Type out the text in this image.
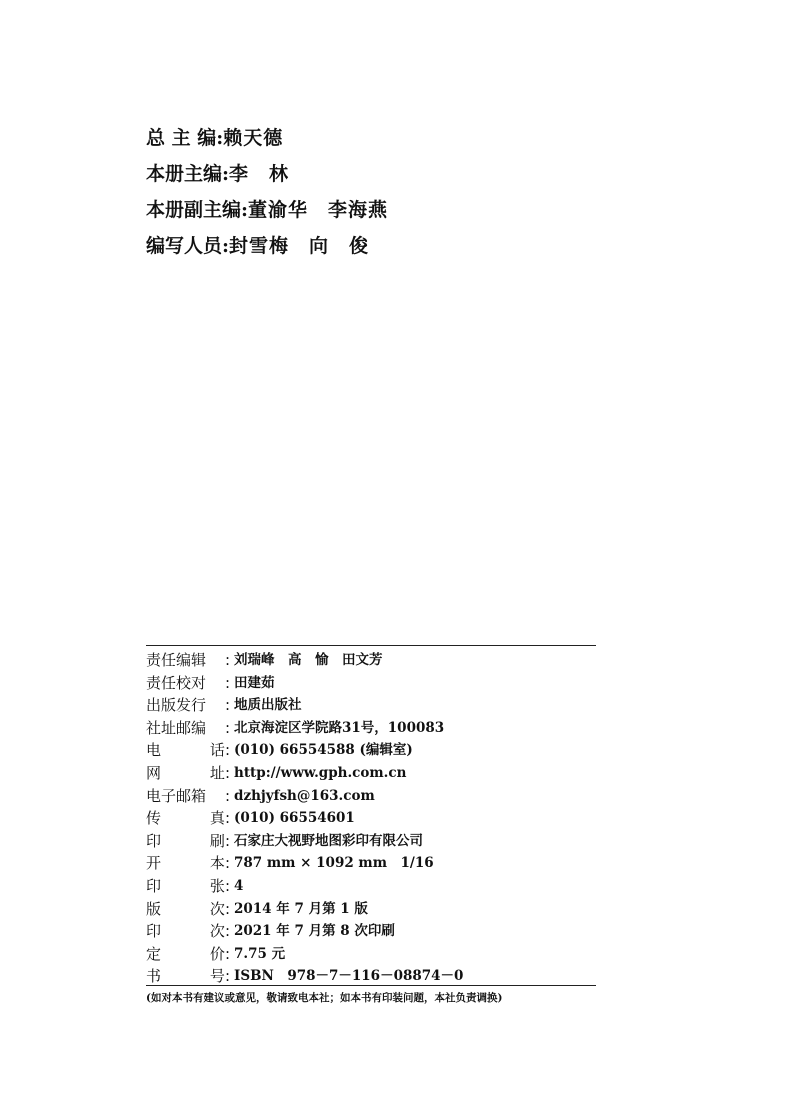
总 主 编:赖天德
本册主编:李　林
本册副主编:董渝华　李海燕
编写人员:封雪梅　向　俊
责任编辑 : 刘瑞峰　高　愉　田文芳
责任校对 : 田建茹
出版发行 : 地质出版社
社址邮编 : 北京海淀区学院路31号，100083
电	话: (010) 66554588 (编辑室)
网	址: http://www.gph.com.cn
电子邮箱 : dzhjyfsh@163.com
传	真: (010) 66554601
印	刷: 石家庄大视野地图彩印有限公司
开	本: 787 mm × 1092 mm　1/16
印	张: 4
版	次: 2014 年 7 月第 1 版
印	次: 2021 年 7 月第 8 次印刷
定	价: 7.75 元
书	号: ISBN　978－7－116－08874－0
(如对本书有建议或意见，敬请致电本社；如本书有印装问题，本社负责调换)
